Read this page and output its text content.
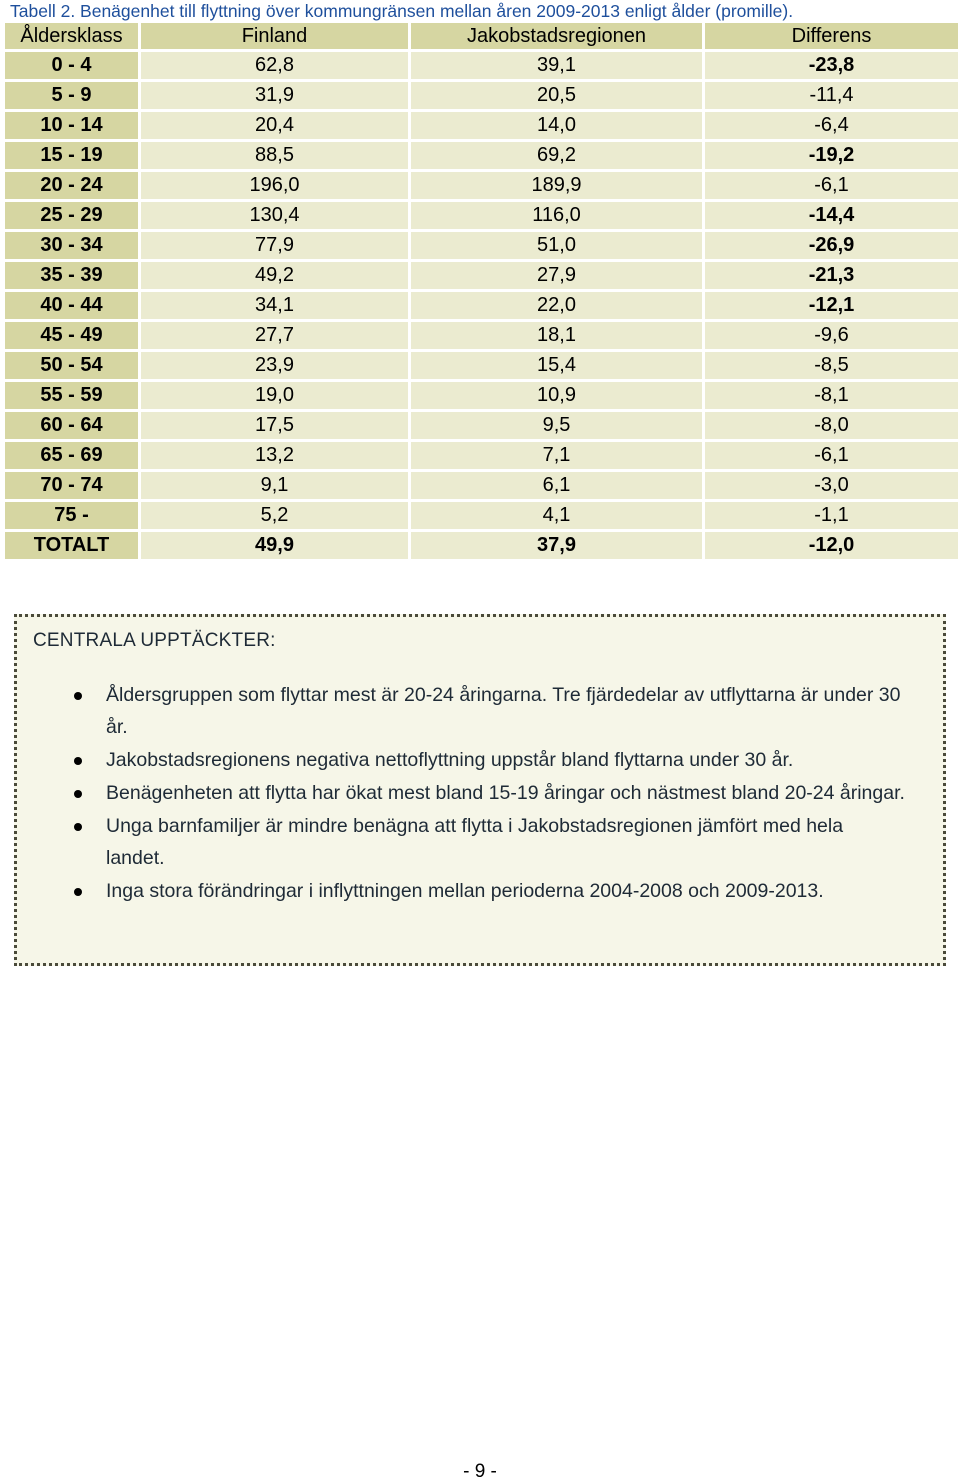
Tabell 2. Benägenhet till flyttning över kommungränsen mellan åren 2009-2013 enligt ålder (promille).
Åldersklass	Finland	Jakobstadsregionen	Differens
0 - 4	62,8	39,1	-23,8
5 - 9	31,9	20,5	-11,4
10 - 14	20,4	14,0	-6,4
15 - 19	88,5	69,2	-19,2
20 - 24	196,0	189,9	-6,1
25 - 29	130,4	116,0	-14,4
30 - 34	77,9	51,0	-26,9
35 - 39	49,2	27,9	-21,3
40 - 44	34,1	22,0	-12,1
45 - 49	27,7	18,1	-9,6
50 - 54	23,9	15,4	-8,5
55 - 59	19,0	10,9	-8,1
60 - 64	17,5	9,5	-8,0
65 - 69	13,2	7,1	-6,1
70 - 74	9,1	6,1	-3,0
75 -	5,2	4,1	-1,1
TOTALT	49,9	37,9	-12,0
CENTRALA UPPTÄCKTER:
Åldersgruppen som flyttar mest är 20-24 åringarna. Tre fjärdedelar av utflyttarna är under 30 år.
Jakobstadsregionens negativa nettoflyttning uppstår bland flyttarna under 30 år.
Benägenheten att flytta har ökat mest bland 15-19 åringar och nästmest bland 20-24 åringar.
Unga barnfamiljer är mindre benägna att flytta i Jakobstadsregionen jämfört med hela landet.
Inga stora förändringar i inflyttningen mellan perioderna 2004-2008 och 2009-2013.
- 9 -
